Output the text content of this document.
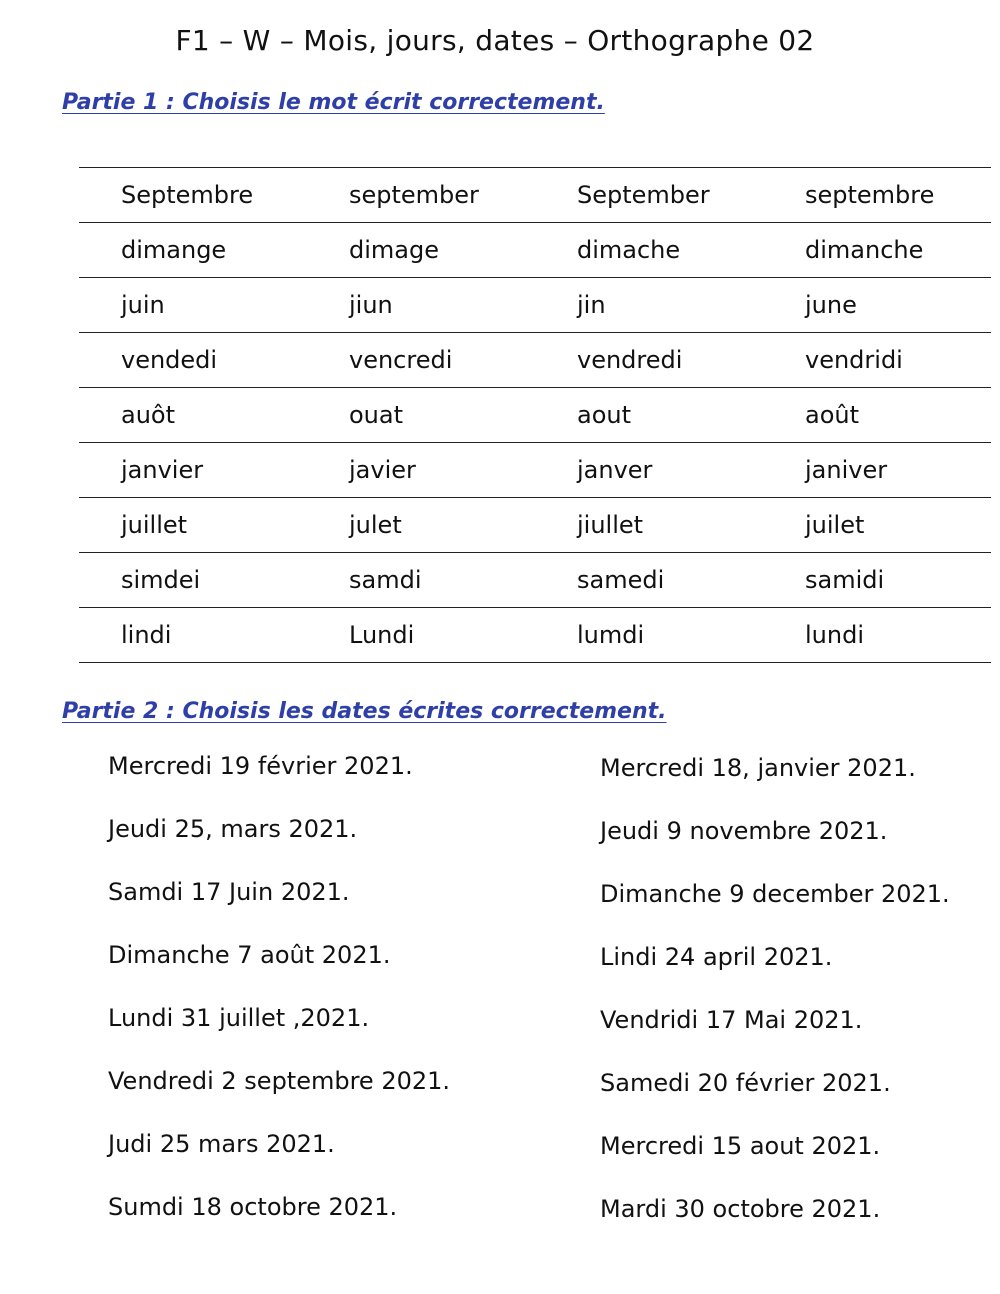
F1 – W – Mois, jours, dates – Orthographe 02
Partie 1 : Choisis le mot écrit correctement.
Septembre	september	September	septembre
dimange	dimage	dimache	dimanche
juin	jiun	jin	june
vendedi	vencredi	vendredi	vendridi
auôt	ouat	aout	août
janvier	javier	janver	janiver
juillet	julet	jiullet	juilet
simdei	samdi	samedi	samidi
lindi	Lundi	lumdi	lundi
Partie 2 : Choisis les dates écrites correctement.
Mercredi 19 février 2021.
Jeudi 25, mars 2021.
Samdi 17 Juin 2021.
Dimanche 7 août 2021.
Lundi 31 juillet ,2021.
Vendredi 2 septembre 2021.
Judi 25 mars 2021.
Sumdi 18 octobre 2021.
Mercredi 18, janvier 2021.
Jeudi 9 novembre 2021.
Dimanche 9 december 2021.
Lindi 24 april 2021.
Vendridi 17 Mai 2021.
Samedi 20 février 2021.
Mercredi 15 aout 2021.
Mardi 30 octobre 2021.
